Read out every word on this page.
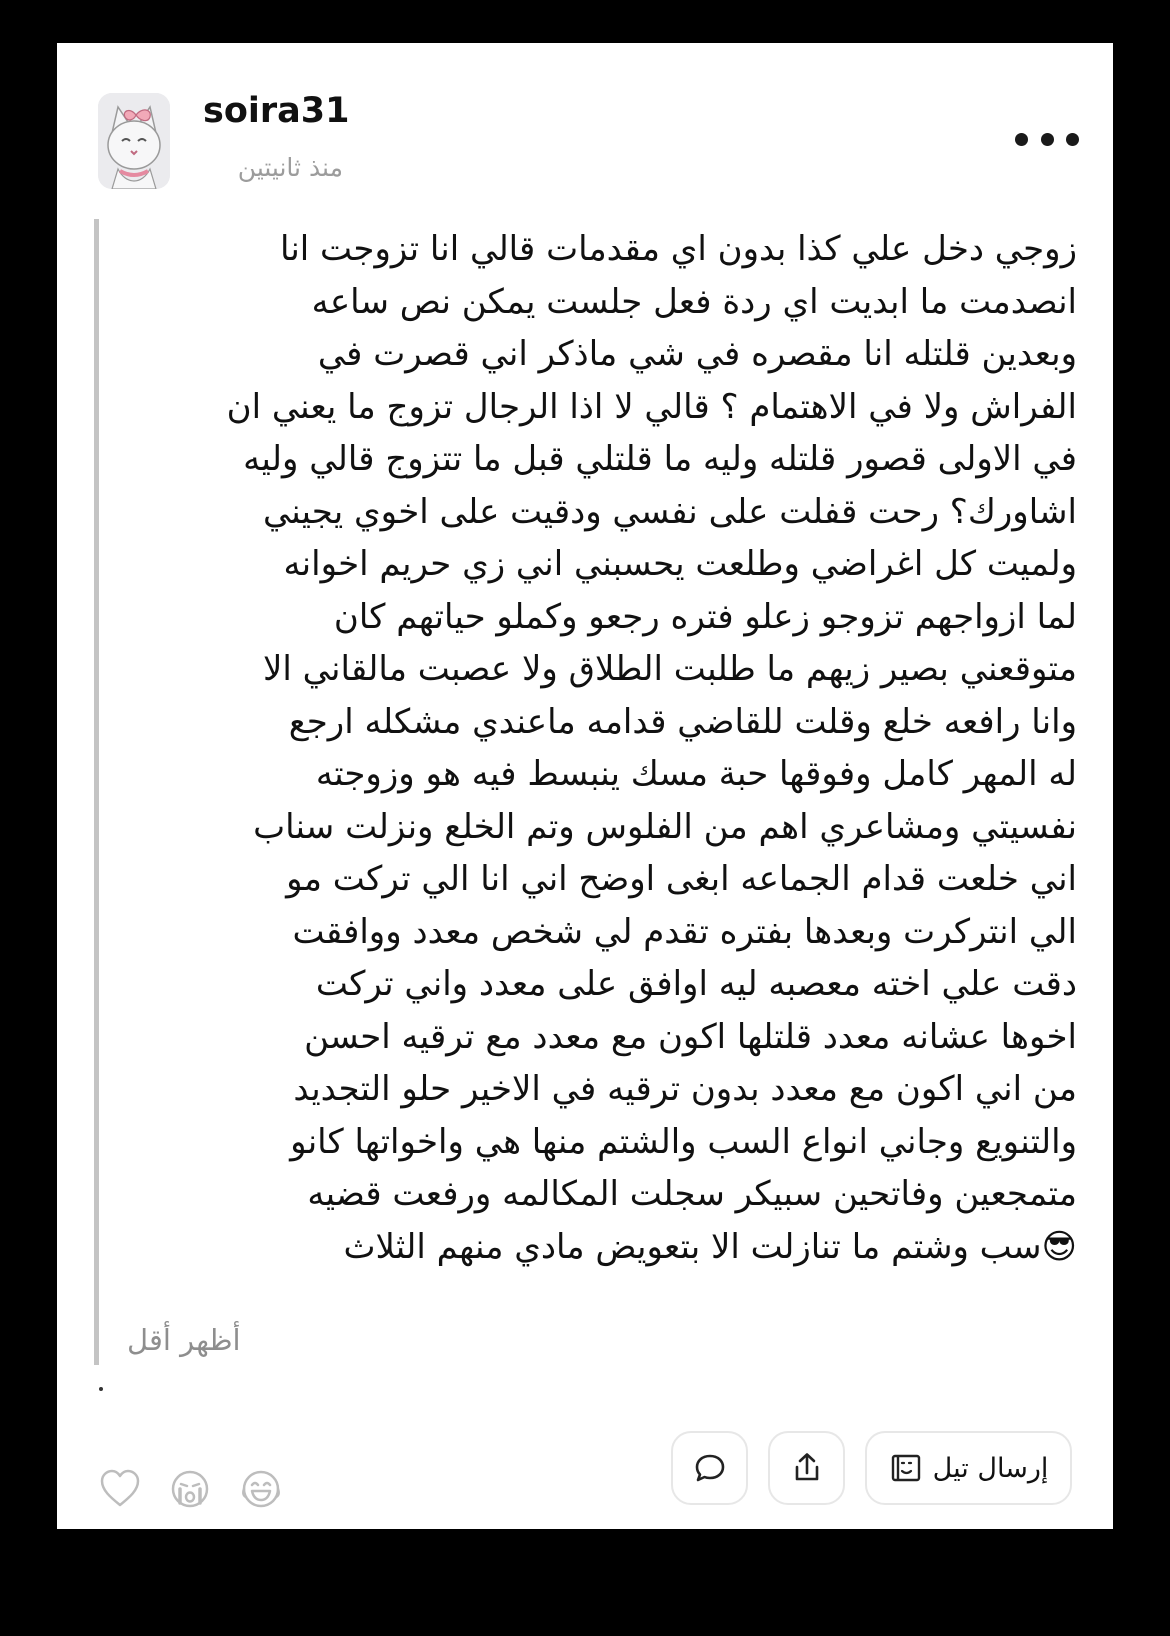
soira31
منذ ثانيتين
زوجي دخل علي كذا بدون اي مقدمات قالي انا تزوجت انا
انصدمت ما ابديت اي ردة فعل جلست يمكن نص ساعه
وبعدين قلتله انا مقصره في شي ماذكر اني قصرت في
الفراش ولا في الاهتمام ؟ قالي لا اذا الرجال تزوج ما يعني ان
في الاولى قصور قلتله وليه ما قلتلي قبل ما تتزوج قالي وليه
اشاورك؟ رحت قفلت على نفسي ودقيت على اخوي يجيني
ولميت كل اغراضي وطلعت يحسبني اني زي حريم اخوانه
لما ازواجهم تزوجو زعلو فتره رجعو وكملو حياتهم كان
متوقعني بصير زيهم ما طلبت الطلاق ولا عصبت مالقاني الا
وانا رافعه خلع وقلت للقاضي قدامه ماعندي مشكله ارجع
له المهر كامل وفوقها حبة مسك ينبسط فيه هو وزوجته
نفسيتي ومشاعري اهم من الفلوس وتم الخلع ونزلت سناب
اني خلعت قدام الجماعه ابغى اوضح اني انا الي تركت مو
الي انتركرت وبعدها بفتره تقدم لي شخص معدد ووافقت
دقت علي اخته معصبه ليه اوافق على معدد واني تركت
اخوها عشانه معدد قلتلها اكون مع معدد مع ترقيه احسن
من اني اكون مع معدد بدون ترقيه في الاخير حلو التجديد
والتنويع وجاني انواع السب والشتم منها هي واخواتها كانو
متمجعين وفاتحين سبيكر سجلت المكالمه ورفعت قضيه
😎سب وشتم ما تنازلت الا بتعويض مادي منهم الثلاث
أظهر أقل
إرسال تيل
